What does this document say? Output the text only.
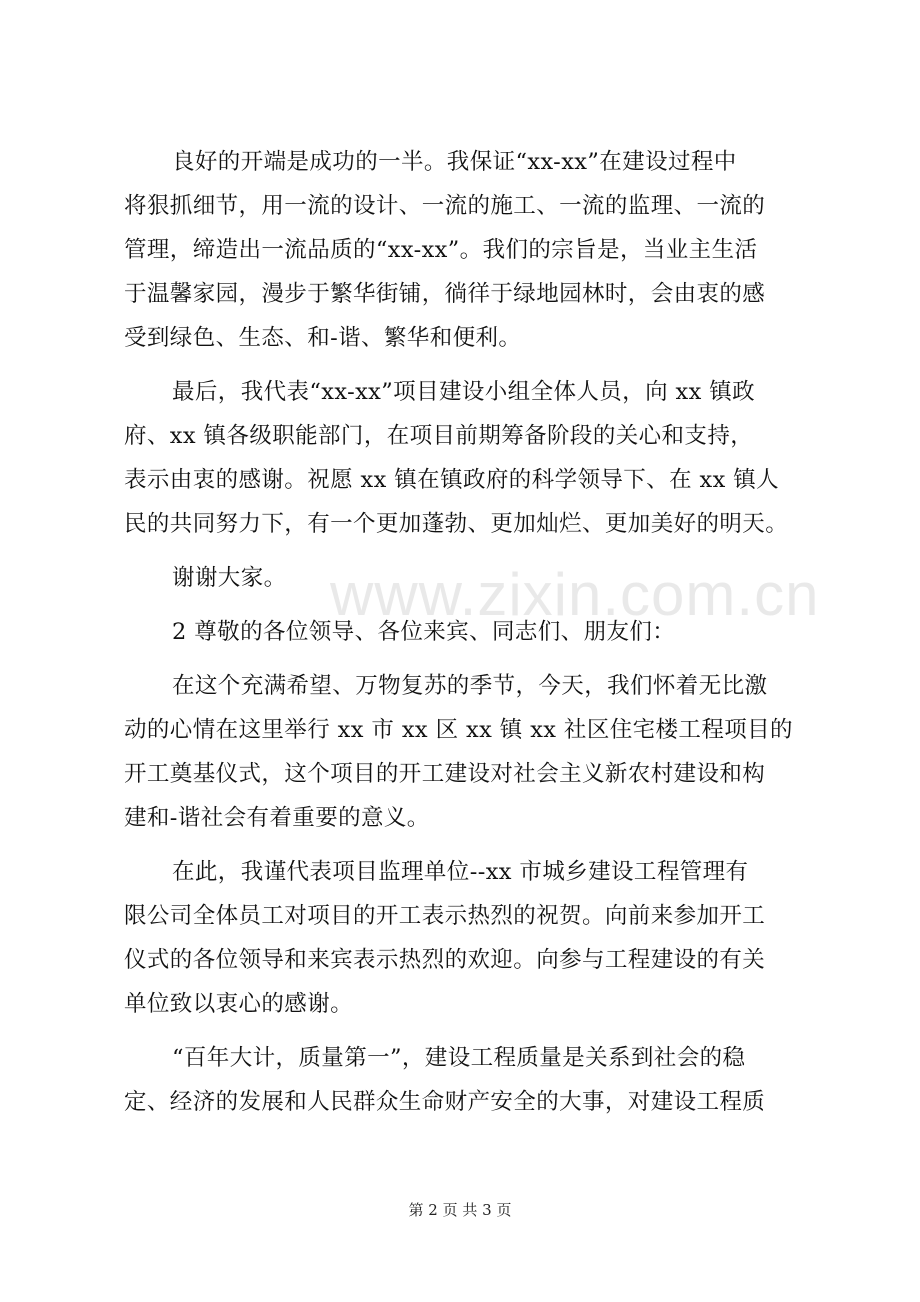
www.zixin.com.cn
良好的开端是成功的一半。我保证“xx-xx”在建设过程中
将狠抓细节，用一流的设计、一流的施工、一流的监理、一流的
管理，缔造出一流品质的“xx-xx”。我们的宗旨是，当业主生活
于温馨家园，漫步于繁华街铺，徜徉于绿地园林时，会由衷的感
受到绿色、生态、和-谐、繁华和便利。
最后，我代表“xx-xx”项目建设小组全体人员，向 xx 镇政
府、xx 镇各级职能部门，在项目前期筹备阶段的关心和支持，
表示由衷的感谢。祝愿 xx 镇在镇政府的科学领导下、在 xx 镇人
民的共同努力下，有一个更加蓬勃、更加灿烂、更加美好的明天。
谢谢大家。
2 尊敬的各位领导、各位来宾、同志们、朋友们：
在这个充满希望、万物复苏的季节，今天，我们怀着无比激
动的心情在这里举行 xx 市 xx 区 xx 镇 xx 社区住宅楼工程项目的
开工奠基仪式，这个项目的开工建设对社会主义新农村建设和构
建和-谐社会有着重要的意义。
在此，我谨代表项目监理单位--xx 市城乡建设工程管理有
限公司全体员工对项目的开工表示热烈的祝贺。向前来参加开工
仪式的各位领导和来宾表示热烈的欢迎。向参与工程建设的有关
单位致以衷心的感谢。
“百年大计，质量第一”，建设工程质量是关系到社会的稳
定、经济的发展和人民群众生命财产安全的大事，对建设工程质
第 2 页 共 3 页
